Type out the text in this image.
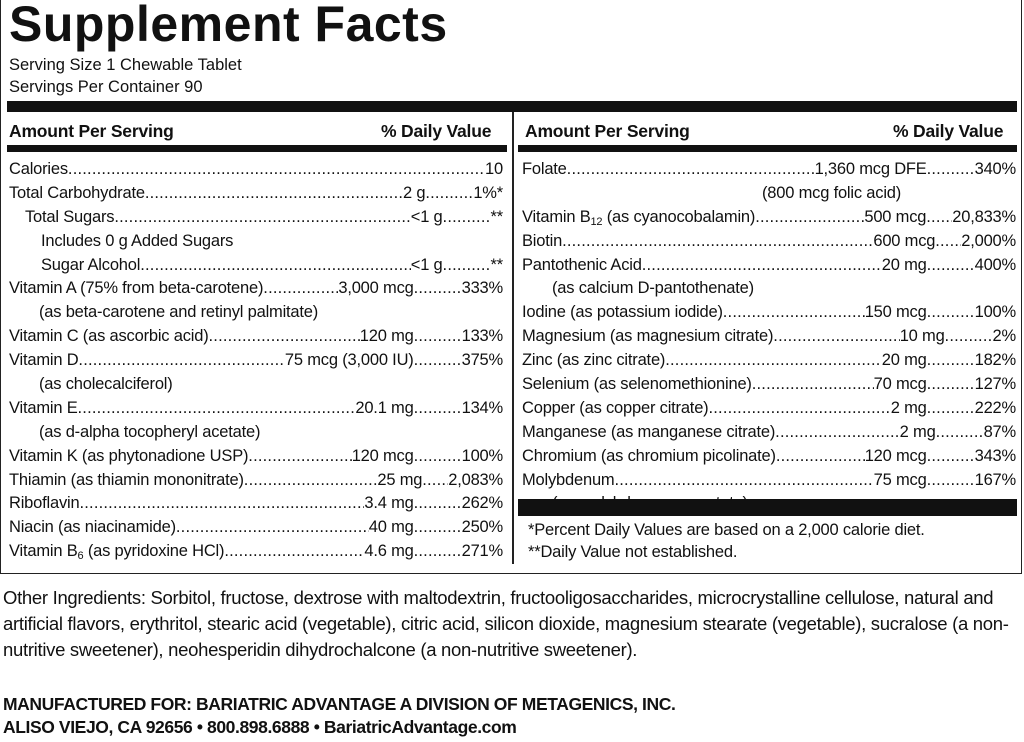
Supplement Facts
Serving Size 1 Chewable Tablet
Servings Per Container 90
Amount Per Serving	% Daily Value Amount Per Serving	% Daily Value
Calories .....	10
Total Carbohydrate .....	2 g .....	1%*
Total Sugars .....	<1 g .....	**
Includes 0 g Added Sugars
Sugar Alcohol .....	<1 g .....	**
Vitamin A (75% from beta-carotene) .....	3,000 mcg .....	333%
(as beta-carotene and retinyl palmitate)
Vitamin C (as ascorbic acid) .....	120 mg .....	133%
Vitamin D .....	75 mcg (3,000 IU) .....	375%
(as cholecalciferol)
Vitamin E .....	20.1 mg .....	134%
(as d-alpha tocopheryl acetate)
Vitamin K (as phytonadione USP) .....	120 mcg .....	100%
Thiamin (as thiamin mononitrate) .....	25 mg ..... 2,083%
Riboflavin .....	3.4 mg .....	262%
Niacin (as niacinamide) .....	40 mg .....	250%
Vitamin $B_6$ (as pyridoxine HCl) .....	4.6 mg .....	271%
Folate .....	1,360 mcg DFE .....	340%
(800 mcg folic acid)
Vitamin $B_{12}$ (as cyanocobalamin) .....	500 mcg ..... 20,833%
Biotin .....	600 mcg ..... 2,000%
Pantothenic Acid .....	20 mg .....	400%
(as calcium D-pantothenate)
Iodine (as potassium iodide) .....	150 mcg .....	100%
Magnesium (as magnesium citrate) .....	10 mg .....	2%
Zinc (as zinc citrate) .....	20 mg .....	182%
Selenium (as selenomethionine) .....	70 mcg .....	127%
Copper (as copper citrate) .....	2 mg .....	222%
Manganese (as manganese citrate) .....	2 mg .....	87%
Chromium (as chromium picolinate) .....	120 mcg .....	343%
Molybdenum .....	75 mcg .....	167%
*Percent Daily Values are based on a 2,000 calorie diet.
**Daily Value not established.
Other Ingredients: Sorbitol, fructose, dextrose with maltodextrin, fructooligosaccharides, microcrystalline cellulose, natural and artificial flavors, erythritol, stearic acid (vegetable), citric acid, silicon dioxide, magnesium stearate (vegetable), sucralose (a non-nutritive sweetener), neohesperidin dihydrochalcone (a non-nutritive sweetener).
MANUFACTURED FOR: BARIATRIC ADVANTAGE A DIVISION OF METAGENICS, INC.
ALISO VIEJO, CA 92656 • 800.898.6888 • BariatricAdvantage.com
